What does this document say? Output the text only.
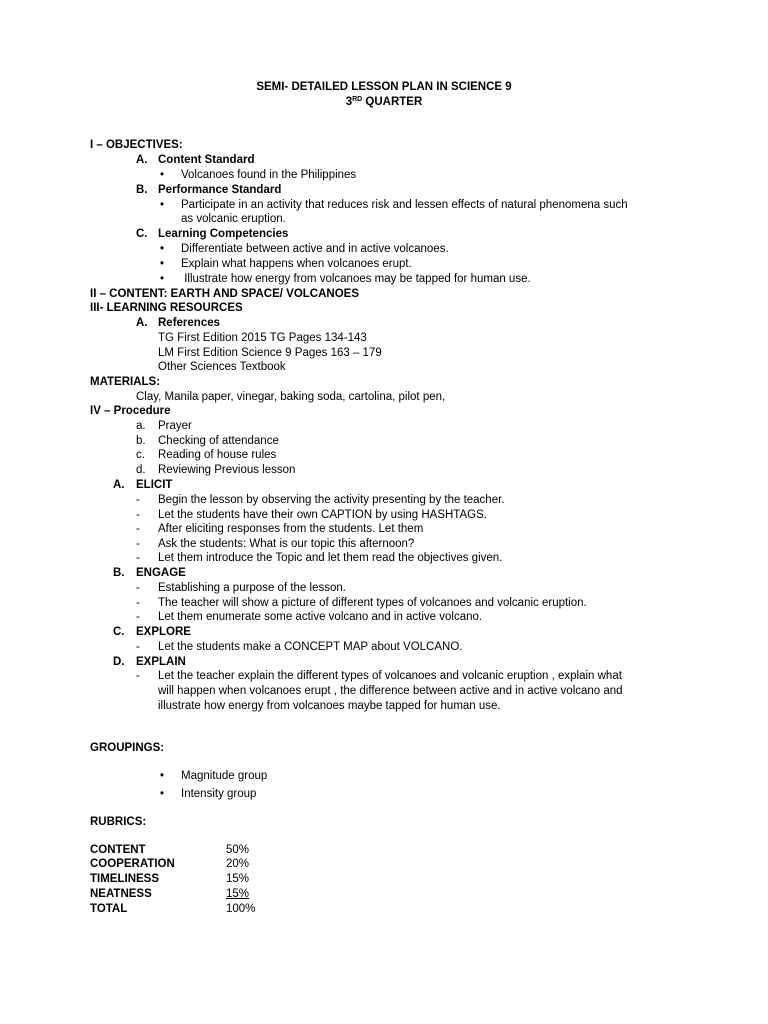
SEMI- DETAILED LESSON PLAN IN SCIENCE 9
3RD QUARTER
I – OBJECTIVES:
A. Content Standard
• Volcanoes found in the Philippines
B. Performance Standard
• Participate in an activity that reduces risk and lessen effects of natural phenomena such
as volcanic eruption.
C. Learning Competencies
• Differentiate between active and in active volcanoes.
• Explain what happens when volcanoes erupt.
• Illustrate how energy from volcanoes may be tapped for human use.
II – CONTENT: EARTH AND SPACE/ VOLCANOES
III- LEARNING RESOURCES
A. References
TG First Edition 2015 TG Pages 134-143
LM First Edition Science 9 Pages 163 – 179
Other Sciences Textbook
MATERIALS:
Clay, Manila paper, vinegar, baking soda, cartolina, pilot pen,
IV – Procedure
a. Prayer
b. Checking of attendance
c. Reading of house rules
d. Reviewing Previous lesson
A. ELICIT
- Begin the lesson by observing the activity presenting by the teacher.
- Let the students have their own CAPTION by using HASHTAGS.
- After eliciting responses from the students. Let them
- Ask the students: What is our topic this afternoon?
- Let them introduce the Topic and let them read the objectives given.
B. ENGAGE
- Establishing a purpose of the lesson.
- The teacher will show a picture of different types of volcanoes and volcanic eruption.
- Let them enumerate some active volcano and in active volcano.
C. EXPLORE
- Let the students make a CONCEPT MAP about VOLCANO.
D. EXPLAIN
- Let the teacher explain the different types of volcanoes and volcanic eruption , explain what
will happen when volcanoes erupt , the difference between active and in active volcano and
illustrate how energy from volcanoes maybe tapped for human use.
GROUPINGS:
• Magnitude group
• Intensity group
RUBRICS:
CONTENT	50%
COOPERATION	20%
TIMELINESS	15%
NEATNESS	15%
TOTAL	100%
